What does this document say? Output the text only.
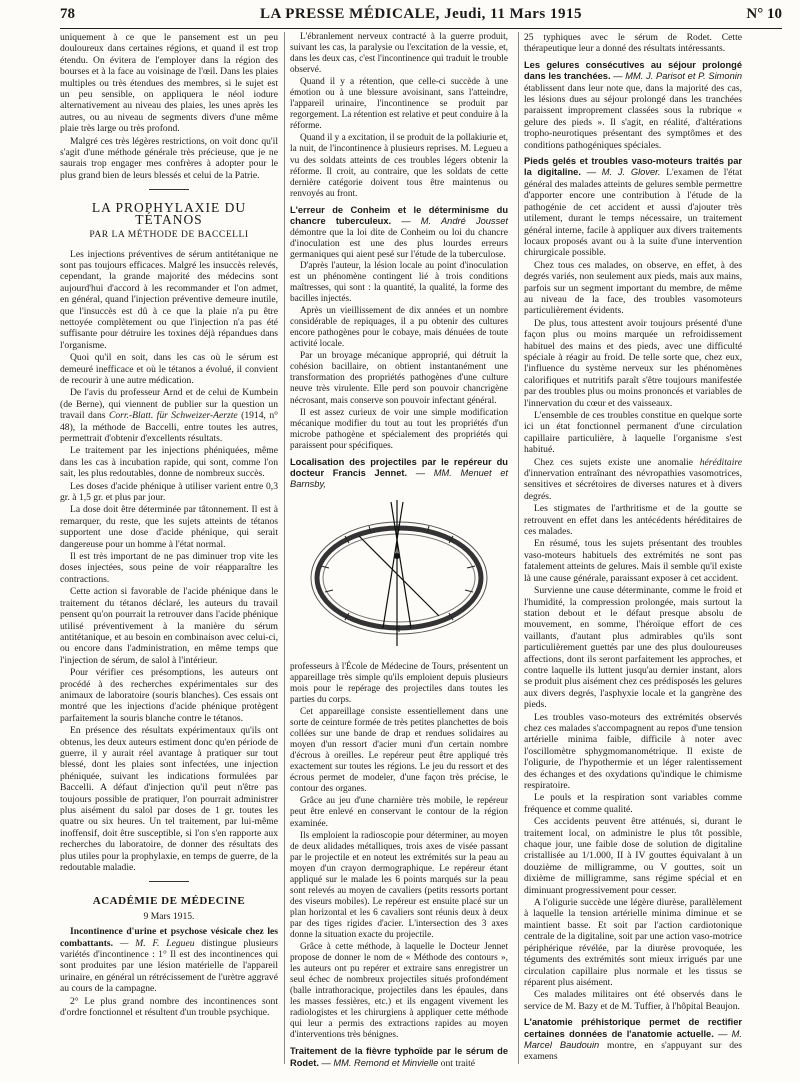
78	LA PRESSE MÉDICALE, Jeudi, 11 Mars 1915	N° 10

uniquement à ce que le pansement est un peu douloureux dans certaines régions, et quand il est trop étendu. On évitera de l'employer dans la région des bourses et à la face au voisinage de l'œil. Dans les plaies multiples ou très étendues des membres, si le sujet est un peu sensible, on appliquera le néol iodure alternativement au niveau des plaies, les unes après les autres, ou au niveau de segments divers d'une même plaie très large ou très profond.

Malgré ces très légères restrictions, on voit donc qu'il s'agit d'une méthode générale très précieuse, que je ne saurais trop engager mes confrères à adopter pour le plus grand bien de leurs blessés et celui de la Patrie.

LA PROPHYLAXIE DU TÉTANOS
PAR LA MÉTHODE DE BACCELLI

Les injections préventives de sérum antitétanique ne sont pas toujours efficaces. Malgré les insuccès relevés, cependant, la grande majorité des médecins sont aujourd'hui d'accord à les recommander et l'on admet, en général, quand l'injection préventive demeure inutile, que l'insuccès est dû à ce que la plaie n'a pu être nettoyée complètement ou que l'injection n'a pas été suffisante pour détruire les toxines déjà répandues dans l'organisme.

Quoi qu'il en soit, dans les cas où le sérum est demeuré inefficace et où le tétanos a évolué, il convient de recourir à une autre médication.

De l'avis du professeur Arnd et de celui de Kumbein (de Berne), qui viennent de publier sur la question un travail dans Corr.-Blatt. für Schweizer-Aerzte (1914, n° 48), la méthode de Baccelli, entre toutes les autres, permettrait d'obtenir d'excellents résultats.

Le traitement par les injections phéniquées, même dans les cas à incubation rapide, qui sont, comme l'on sait, les plus redoutables, donne de nombreux succès.

Les doses d'acide phénique à utiliser varient entre 0,3 gr. à 1,5 gr. et plus par jour.

La dose doit être déterminée par tâtonnement. Il est à remarquer, du reste, que les sujets atteints de tétanos supportent une dose d'acide phénique, qui serait dangereuse pour un homme à l'état normal.

Il est très important de ne pas diminuer trop vite les doses injectées, sous peine de voir réapparaître les contractions.

Cette action si favorable de l'acide phénique dans le traitement du tétanos déclaré, les auteurs du travail pensent qu'on pourrait la retrouver dans l'acide phénique utilisé préventivement à la manière du sérum antitétanique, et au besoin en combinaison avec celui-ci, ou encore dans l'administration, en même temps que l'injection de sérum, de salol à l'intérieur.

Pour vérifier ces présomptions, les auteurs ont procédé à des recherches expérimentales sur des animaux de laboratoire (souris blanches). Ces essais ont montré que les injections d'acide phénique protègent parfaitement la souris blanche contre le tétanos.

En présence des résultats expérimentaux qu'ils ont obtenus, les deux auteurs estiment donc qu'en période de guerre, il y aurait réel avantage à pratiquer sur tout blessé, dont les plaies sont infectées, une injection phéniquée, suivant les indications formulées par Baccelli. A défaut d'injection qu'il peut n'être pas toujours possible de pratiquer, l'on pourrait administrer plus aisément du salol par doses de 1 gr. toutes les quatre ou six heures. Un tel traitement, par lui-même inoffensif, doit être susceptible, si l'on s'en rapporte aux recherches du laboratoire, de donner des résultats des plus utiles pour la prophylaxie, en temps de guerre, de la redoutable maladie.

ACADÉMIE DE MÉDECINE
9 Mars 1915.

Incontinence d'urine et psychose vésicale chez les combattants. — M. F. Legueu distingue plusieurs variétés d'incontinence : 1° Il est des incontinences qui sont produites par une lésion matérielle de l'appareil urinaire, en général un rétrécissement de l'urètre aggravé au cours de la campagne.

2° Le plus grand nombre des incontinences sont d'ordre fonctionnel et résultent d'un trouble psychique.

L'ébranlement nerveux contracté à la guerre produit, suivant les cas, la paralysie ou l'excitation de la vessie, et, dans les deux cas, c'est l'incontinence qui traduit le trouble observé.

Quand il y a rétention, que celle-ci succède à une émotion ou à une blessure avoisinant, sans l'atteindre, l'appareil urinaire, l'incontinence se produit par regorgement. La rétention est relative et peut conduire à la réforme.

Quand il y a excitation, il se produit de la pollakiurie et, la nuit, de l'incontinence à plusieurs reprises. M. Legueu a vu des soldats atteints de ces troubles légers obtenir la réforme. Il croit, au contraire, que les soldats de cette dernière catégorie doivent tous être maintenus ou renvoyés au front.

L'erreur de Conheim et le déterminisme du chancre tuberculeux. — M. André Jousset démontre que la loi dite de Conheim ou loi du chancre d'inoculation est une des plus lourdes erreurs germaniques qui aient pesé sur l'étude de la tuberculose.

D'après l'auteur, la lésion locale au point d'inoculation est un phénomène contingent lié à trois conditions maîtresses, qui sont : la quantité, la qualité, la forme des bacilles injectés.

Après un vieillissement de dix années et un nombre considérable de repiquages, il a pu obtenir des cultures encore pathogènes pour le cobaye, mais dénuées de toute activité locale.

Par un broyage mécanique approprié, qui détruit la cohésion bacillaire, on obtient instantanément une transformation des propriétés pathogènes d'une culture neuve très virulente. Elle perd son pouvoir chancrigène nécrosant, mais conserve son pouvoir infectant général.

Il est assez curieux de voir une simple modification mécanique modifier du tout au tout les propriétés d'un microbe pathogène et spécialement des propriétés qui paraissent pour spécifiques.

Localisation des projectiles par le repéreur du docteur Francis Jennet. — MM. Menuet et Barnsby,

professeurs à l'École de Médecine de Tours, présentent un appareillage très simple qu'ils emploient depuis plusieurs mois pour le repérage des projectiles dans toutes les parties du corps.

Cet appareillage consiste essentiellement dans une sorte de ceinture formée de très petites planchettes de bois collées sur une bande de drap et rendues solidaires au moyen d'un ressort d'acier muni d'un certain nombre d'écrous à oreilles. Le repéreur peut être appliqué très exactement sur toutes les régions. Le jeu du ressort et des écrous permet de modeler, d'une façon très précise, le contour des organes.

Grâce au jeu d'une charnière très mobile, le repéreur peut être enlevé en conservant le contour de la région examinée.

Ils emploient la radioscopie pour déterminer, au moyen de deux alidades métalliques, trois axes de visée passant par le projectile et en noteut les extrémités sur la peau au moyen d'un crayon dermographique. Le repéreur étant appliqué sur le malade les 6 points marqués sur la peau sont relevés au moyen de cavaliers (petits ressorts portant des viseurs mobiles). Le repéreur est ensuite placé sur un plan horizontal et les 6 cavaliers sont réunis deux à deux par des tiges rigides d'acier. L'intersection des 3 axes donne la situation exacte du projectile.

Grâce à cette méthode, à laquelle le Docteur Jennet propose de donner le nom de « Méthode des contours », les auteurs ont pu repérer et extraire sans enregistrer un seul échec de nombreux projectiles situés profondément (balle intrathoracique, projectiles dans les épaules, dans les masses fessières, etc.) et ils engagent vivement les radiologistes et les chirurgiens à appliquer cette méthode qui leur a permis des extractions rapides au moyen d'interventions très bénignes.

Traitement de la fièvre typhoïde par le sérum de Rodet. — MM. Remond et Minvielle ont traité

25 typhiques avec le sérum de Rodet. Cette thérapeutique leur a donné des résultats intéressants.

Les gelures consécutives au séjour prolongé dans les tranchées. — MM. J. Parisot et P. Simonin établissent dans leur note que, dans la majorité des cas, les lésions dues au séjour prolongé dans les tranchées paraissent improprement classées sous la rubrique « gelure des pieds ». Il s'agit, en réalité, d'altérations tropho-neurotiques présentant des symptômes et des conditions pathogéniques spéciales.

Pieds gelés et troubles vaso-moteurs traités par la digitaline. — M. J. Glover. L'examen de l'état général des malades atteints de gelures semble permettre d'apporter encore une contribution à l'étude de la pathogénie de cet accident et aussi d'ajouter très utilement, durant le temps nécessaire, un traitement général interne, facile à appliquer aux divers traitements locaux proposés avant ou à la suite d'une intervention chirurgicale possible.

Chez tous ces malades, on observe, en effet, à des degrés variés, non seulement aux pieds, mais aux mains, parfois sur un segment important du membre, de même au niveau de la face, des troubles vasomoteurs particulièrement évidents.

De plus, tous attestent avoir toujours présenté d'une façon plus ou moins marquée un refroidissement habituel des mains et des pieds, avec une difficulté spéciale à réagir au froid. De telle sorte que, chez eux, l'influence du système nerveux sur les phénomènes calorifiques et nutritifs paraît s'être toujours manifestée par des troubles plus ou moins prononcés et variables de l'innervation du cœur et des vaisseaux.

L'ensemble de ces troubles constitue en quelque sorte ici un état fonctionnel permanent d'une circulation capillaire particulière, à laquelle l'organisme s'est habitué.

Chez ces sujets existe une anomalie héréditaire d'innervation entraînant des névropathies vasomotrices, sensitives et sécrétoires de diverses natures et à divers degrés.

Les stigmates de l'arthritisme et de la goutte se retrouvent en effet dans les antécédents héréditaires de ces malades.

En résumé, tous les sujets présentant des troubles vaso-moteurs habituels des extrémités ne sont pas fatalement atteints de gelures. Mais il semble qu'il existe là une cause générale, paraissant exposer à cet accident.

Survienne une cause déterminante, comme le froid et l'humidité, la compression prolongée, mais surtout la station debout et le défaut presque absolu de mouvement, en somme, l'héroïque effort de ces vaillants, d'autant plus admirables qu'ils sont particulièrement guettés par une des plus douloureuses affections, dont ils seront parfaitement les approches, et contre laquelle ils luttent jusqu'au dernier instant, alors se produit plus aisément chez ces prédisposés les gelures aux divers degrés, l'asphyxie locale et la gangrène des pieds.

Les troubles vaso-moteurs des extrémités observés chez ces malades s'accompagnent au repos d'une tension artérielle minima faible, difficile à noter avec l'oscillomètre sphygmomanométrique. Il existe de l'oligurie, de l'hypothermie et un léger ralentissement des échanges et des oxydations qu'indique le chimisme respiratoire.

Le pouls et la respiration sont variables comme fréquence et comme qualité.

Ces accidents peuvent être atténués, si, durant le traitement local, on administre le plus tôt possible, chaque jour, une faible dose de solution de digitaline cristallisée au 1/1.000, II à IV gouttes équivalant à un douzième de milligramme, ou V gouttes, soit un dixième de milligramme, sans régime spécial et en diminuant progressivement pour cesser.

A l'oligurie succède une légère diurèse, parallèlement à laquelle la tension artérielle minima diminue et se maintient basse. Et soit par l'action cardiotonique centrale de la digitaline, soit par une action vaso-motrice périphérique révélée, par la diurèse provoquée, les téguments des extrémités sont mieux irrigués par une circulation capillaire plus normale et les tissus se réparent plus aisément.

Ces malades militaires ont été observés dans le service de M. Bazy et de M. Tuffier, à l'hôpital Beaujon.

L'anatomie préhistorique permet de rectifier certaines données de l'anatomie actuelle. — M. Marcel Baudouin montre, en s'appuyant sur des examens
